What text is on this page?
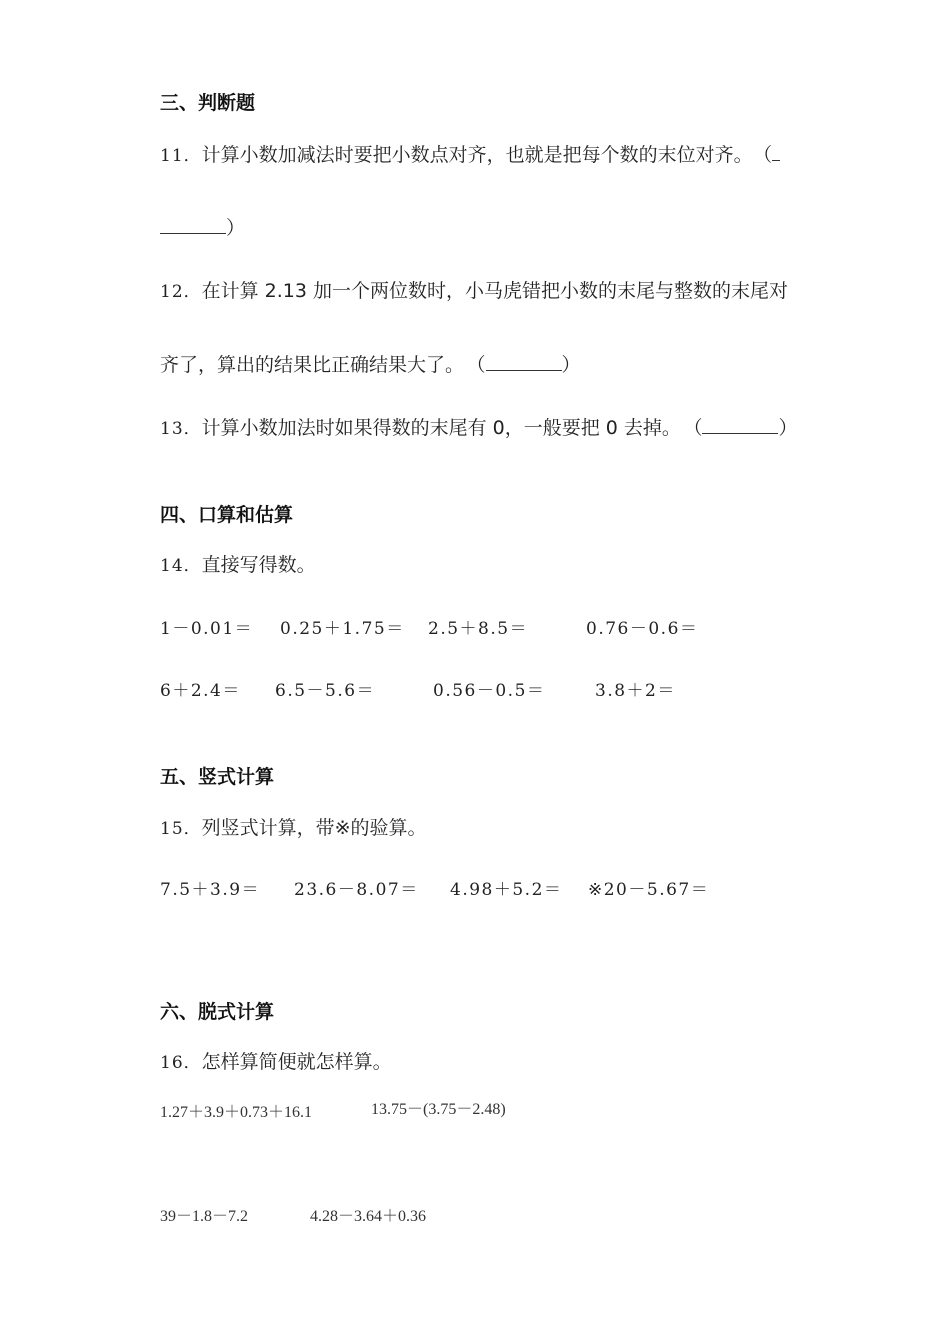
三、判断题
11．计算小数加减法时要把小数点对齐，也就是把每个数的末位对齐。 （
）
12．在计算 2.13 加一个两位数时，小马虎错把小数的末尾与整数的末尾对
齐了，算出的结果比正确结果大了。 （	）
13．计算小数加法时如果得数的末尾有 0，一般要把 0 去掉。 （	）
四、口算和估算
14．直接写得数。
1－0.01＝ 0.25＋1.75＝ 2.5＋8.5＝	0.76－0.6＝
6＋2.4＝ 6.5－5.6＝	0.56－0.5＝	3.8＋2＝
五、竖式计算
15．列竖式计算，带※的验算。
7.5＋3.9＝ 23.6－8.07＝ 4.98＋5.2＝ ※20－5.67＝
六、脱式计算
16．怎样算简便就怎样算。
1.27＋3.9＋0.73＋16.1	13.75－(3.75－2.48)
39－1.8－7.2	4.28－3.64＋0.36
